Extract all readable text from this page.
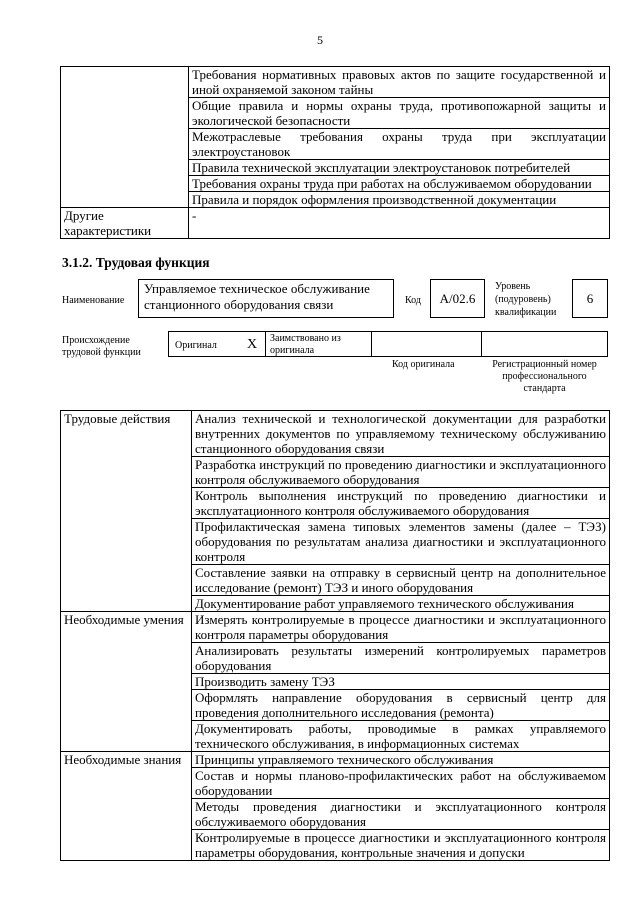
5
	Требования нормативных правовых актов по защите государственной и иной охраняемой законом тайны
	Общие правила и нормы охраны труда, противопожарной защиты и экологической безопасности
	Межотраслевые требования охраны труда при эксплуатации электроустановок
	Правила технической эксплуатации электроустановок потребителей
	Требования охраны труда при работах на обслуживаемом оборудовании
	Правила и порядок оформления производственной документации
Другие характеристики	-
3.1.2. Трудовая функция
Наименование
Управляемое техническое обслуживание станционного оборудования связи	Код	А/02.6
Уровень (подуровень) квалификации
6
Происхождение трудовой функции
Оригинал X Заимствовано из оригинала
Код оригинала	Регистрационный номер профессионального стандарта
Трудовые действия	Анализ технической и технологической документации для разработки внутренних документов по управляемому техническому обслуживанию станционного оборудования связи
	Разработка инструкций по проведению диагностики и эксплуатационного контроля обслуживаемого оборудования
	Контроль выполнения инструкций по проведению диагностики и эксплуатационного контроля обслуживаемого оборудования
	Профилактическая замена типовых элементов замены (далее – ТЭЗ) оборудования по результатам анализа диагностики и эксплуатационного контроля
	Составление заявки на отправку в сервисный центр на дополнительное исследование (ремонт) ТЭЗ и иного оборудования
	Документирование работ управляемого технического обслуживания
Необходимые умения	Измерять контролируемые в процессе диагностики и эксплуатационного контроля параметры оборудования
	Анализировать результаты измерений контролируемых параметров оборудования
	Производить замену ТЭЗ
	Оформлять направление оборудования в сервисный центр для проведения дополнительного исследования (ремонта)
	Документировать работы, проводимые в рамках управляемого технического обслуживания, в информационных системах
Необходимые знания	Принципы управляемого технического обслуживания
	Состав и нормы планово-профилактических работ на обслуживаемом оборудовании
	Методы проведения диагностики и эксплуатационного контроля обслуживаемого оборудования
	Контролируемые в процессе диагностики и эксплуатационного контроля параметры оборудования, контрольные значения и допуски
